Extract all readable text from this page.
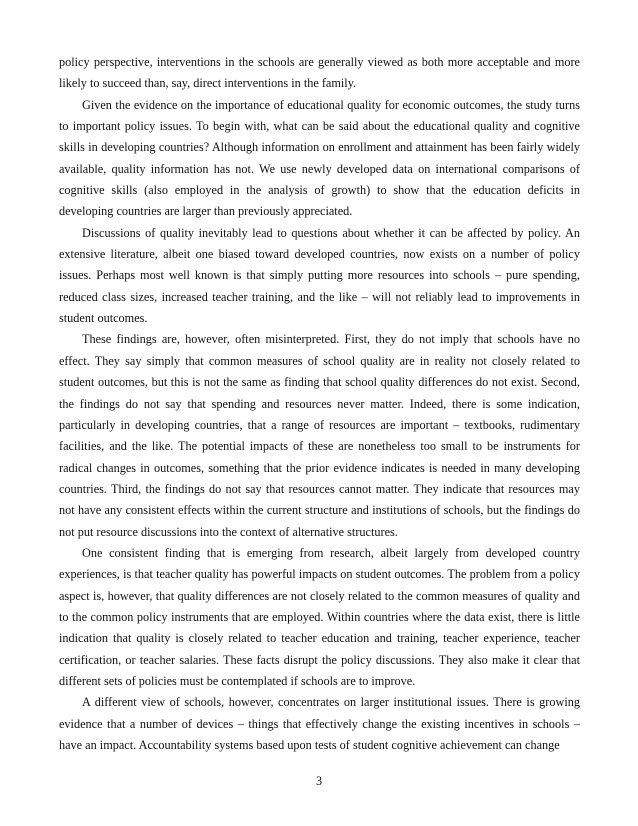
policy perspective, interventions in the schools are generally viewed as both more acceptable and more likely to succeed than, say, direct interventions in the family.

Given the evidence on the importance of educational quality for economic outcomes, the study turns to important policy issues. To begin with, what can be said about the educational quality and cognitive skills in developing countries? Although information on enrollment and attainment has been fairly widely available, quality information has not. We use newly developed data on international comparisons of cognitive skills (also employed in the analysis of growth) to show that the education deficits in developing countries are larger than previously appreciated.

Discussions of quality inevitably lead to questions about whether it can be affected by policy. An extensive literature, albeit one biased toward developed countries, now exists on a number of policy issues. Perhaps most well known is that simply putting more resources into schools – pure spending, reduced class sizes, increased teacher training, and the like – will not reliably lead to improvements in student outcomes.

These findings are, however, often misinterpreted. First, they do not imply that schools have no effect. They say simply that common measures of school quality are in reality not closely related to student outcomes, but this is not the same as finding that school quality differences do not exist. Second, the findings do not say that spending and resources never matter. Indeed, there is some indication, particularly in developing countries, that a range of resources are important – textbooks, rudimentary facilities, and the like. The potential impacts of these are nonetheless too small to be instruments for radical changes in outcomes, something that the prior evidence indicates is needed in many developing countries. Third, the findings do not say that resources cannot matter. They indicate that resources may not have any consistent effects within the current structure and institutions of schools, but the findings do not put resource discussions into the context of alternative structures.

One consistent finding that is emerging from research, albeit largely from developed country experiences, is that teacher quality has powerful impacts on student outcomes. The problem from a policy aspect is, however, that quality differences are not closely related to the common measures of quality and to the common policy instruments that are employed. Within countries where the data exist, there is little indication that quality is closely related to teacher education and training, teacher experience, teacher certification, or teacher salaries. These facts disrupt the policy discussions. They also make it clear that different sets of policies must be contemplated if schools are to improve.

A different view of schools, however, concentrates on larger institutional issues. There is growing evidence that a number of devices – things that effectively change the existing incentives in schools – have an impact. Accountability systems based upon tests of student cognitive achievement can change

3
